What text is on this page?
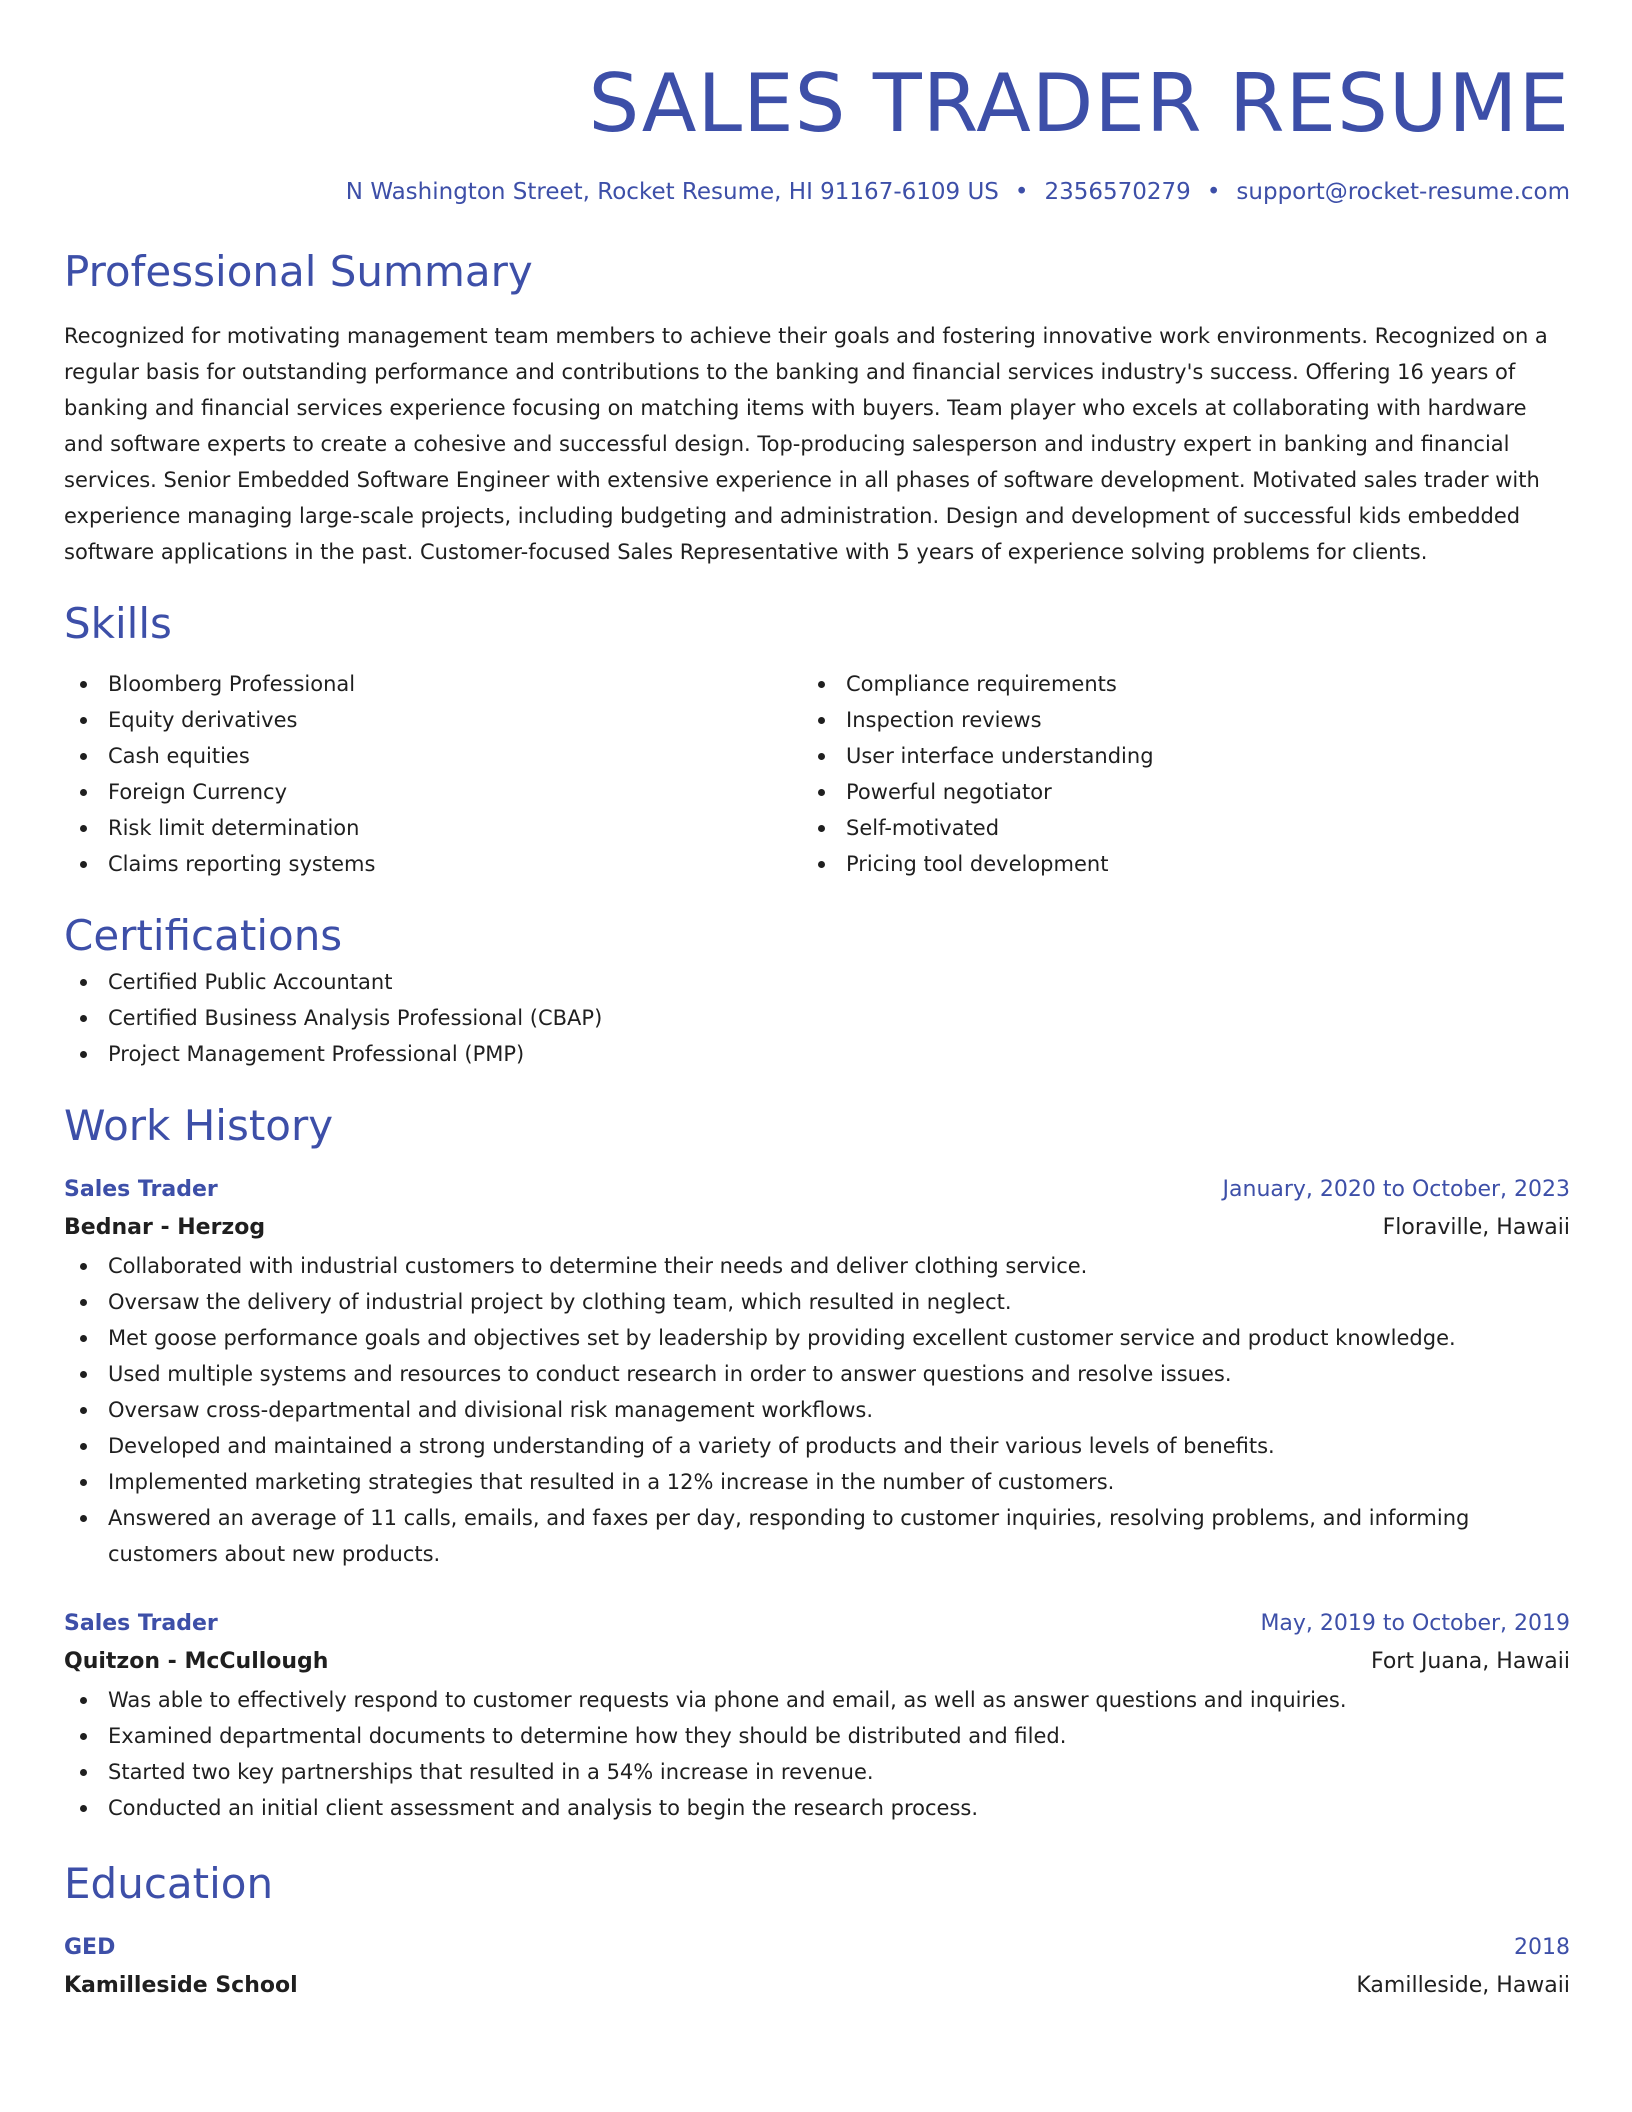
SALES TRADER RESUME
N Washington Street, Rocket Resume, HI 91167-6109 US • 2356570279 • support@rocket-resume.com
Professional Summary
Recognized for motivating management team members to achieve their goals and fostering innovative work environments. Recognized on a regular basis for outstanding performance and contributions to the banking and financial services industry's success. Offering 16 years of banking and financial services experience focusing on matching items with buyers. Team player who excels at collaborating with hardware and software experts to create a cohesive and successful design. Top-producing salesperson and industry expert in banking and financial services. Senior Embedded Software Engineer with extensive experience in all phases of software development. Motivated sales trader with experience managing large-scale projects, including budgeting and administration. Design and development of successful kids embedded software applications in the past. Customer-focused Sales Representative with 5 years of experience solving problems for clients.
Skills
Bloomberg Professional
Equity derivatives
Cash equities
Foreign Currency
Risk limit determination
Claims reporting systems
Compliance requirements
Inspection reviews
User interface understanding
Powerful negotiator
Self-motivated
Pricing tool development
Certifications
Certified Public Accountant
Certified Business Analysis Professional (CBAP)
Project Management Professional (PMP)
Work History
Sales Trader	January, 2020 to October, 2023
Bednar - Herzog	Floraville, Hawaii
Collaborated with industrial customers to determine their needs and deliver clothing service.
Oversaw the delivery of industrial project by clothing team, which resulted in neglect.
Met goose performance goals and objectives set by leadership by providing excellent customer service and product knowledge.
Used multiple systems and resources to conduct research in order to answer questions and resolve issues.
Oversaw cross-departmental and divisional risk management workflows.
Developed and maintained a strong understanding of a variety of products and their various levels of benefits.
Implemented marketing strategies that resulted in a 12% increase in the number of customers.
Answered an average of 11 calls, emails, and faxes per day, responding to customer inquiries, resolving problems, and informing customers about new products.
Sales Trader	May, 2019 to October, 2019
Quitzon - McCullough	Fort Juana, Hawaii
Was able to effectively respond to customer requests via phone and email, as well as answer questions and inquiries.
Examined departmental documents to determine how they should be distributed and filed.
Started two key partnerships that resulted in a 54% increase in revenue.
Conducted an initial client assessment and analysis to begin the research process.
Education
GED	2018
Kamilleside School	Kamilleside, Hawaii
